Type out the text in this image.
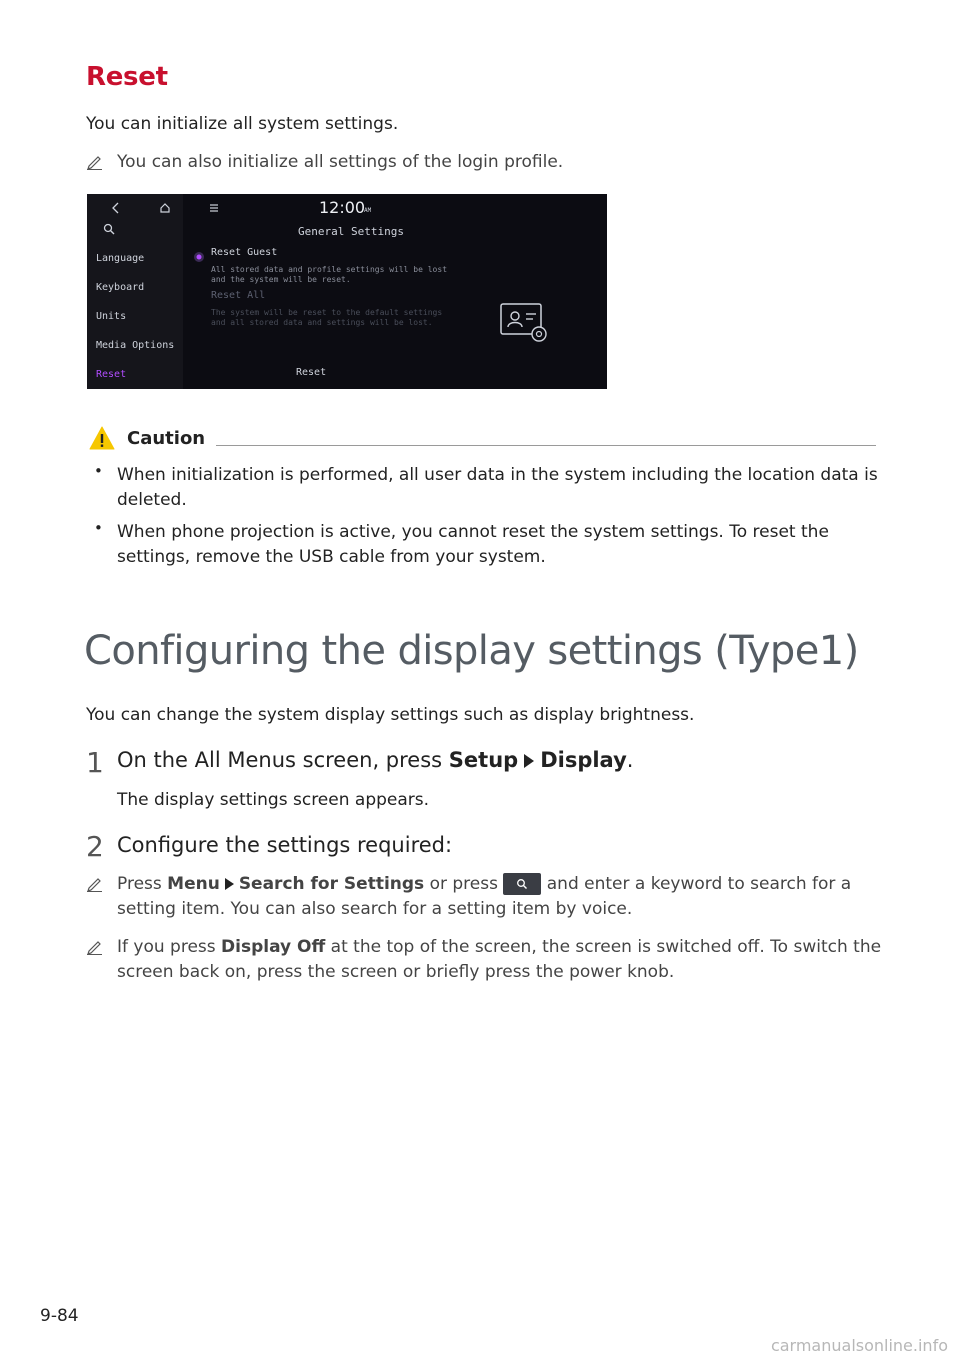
Reset
You can initialize all system settings.
You can also initialize all settings of the login profile.
12:00
AM
General Settings
Language
Keyboard
Units
Media Options
Reset
Reset Guest
All stored data and profile settings will be lost
and the system will be reset.
Reset All
The system will be reset to the default settings
and all stored data and settings will be lost.
Reset
Caution
• When initialization is performed, all user data in the system including the location data is
deleted.
• When phone projection is active, you cannot reset the system settings. To reset the
settings, remove the USB cable from your system.
Configuring the display settings (Type1)
You can change the system display settings such as display brightness.
1 On the All Menus screen, press Setup Display.
The display settings screen appears.
2 Configure the settings required:
Press Menu Search for Settings or press	and enter a keyword to search for a
setting item. You can also search for a setting item by voice.
If you press Display Off at the top of the screen, the screen is switched off. To switch the
screen back on, press the screen or briefly press the power knob.
9-84
carmanualsonline.info
